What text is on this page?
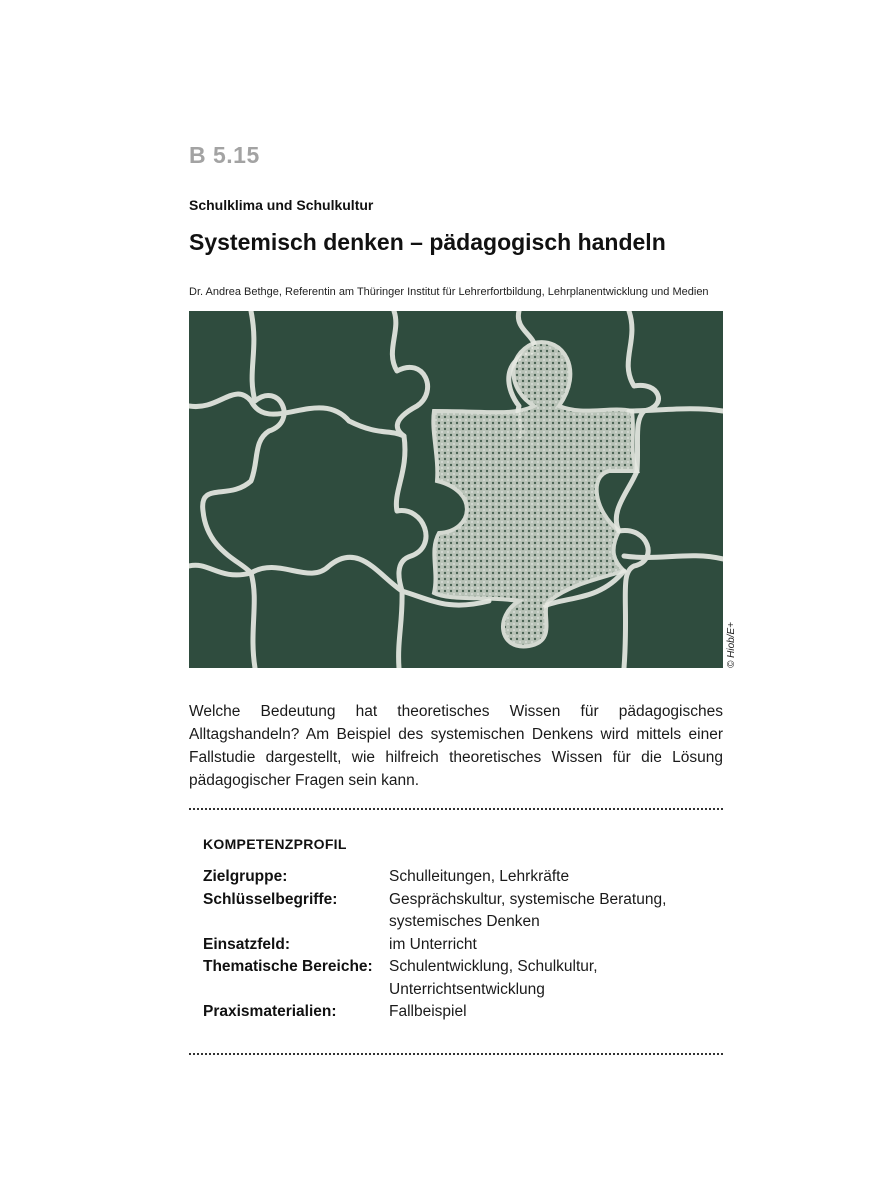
B 5.15
Schulklima und Schulkultur
Systemisch denken – pädagogisch handeln
Dr. Andrea Bethge, Referentin am Thüringer Institut für Lehrerfortbildung, Lehrplanentwicklung und Medien
© Hiob/E+
Welche Bedeutung hat theoretisches Wissen für pädagogisches Alltagshandeln? Am Beispiel des systemischen Denkens wird mittels einer Fallstudie dargestellt, wie hilfreich theoretisches Wissen für die Lösung pädagogischer Fragen sein kann.
KOMPETENZPROFIL
Zielgruppe:	Schulleitungen, Lehrkräfte
Schlüsselbegriffe:	Gesprächskultur, systemische Beratung, systemisches Denken
Einsatzfeld:	im Unterricht
Thematische Bereiche:	Schulentwicklung, Schulkultur, Unterrichtsentwicklung
Praxismaterialien:	Fallbeispiel
